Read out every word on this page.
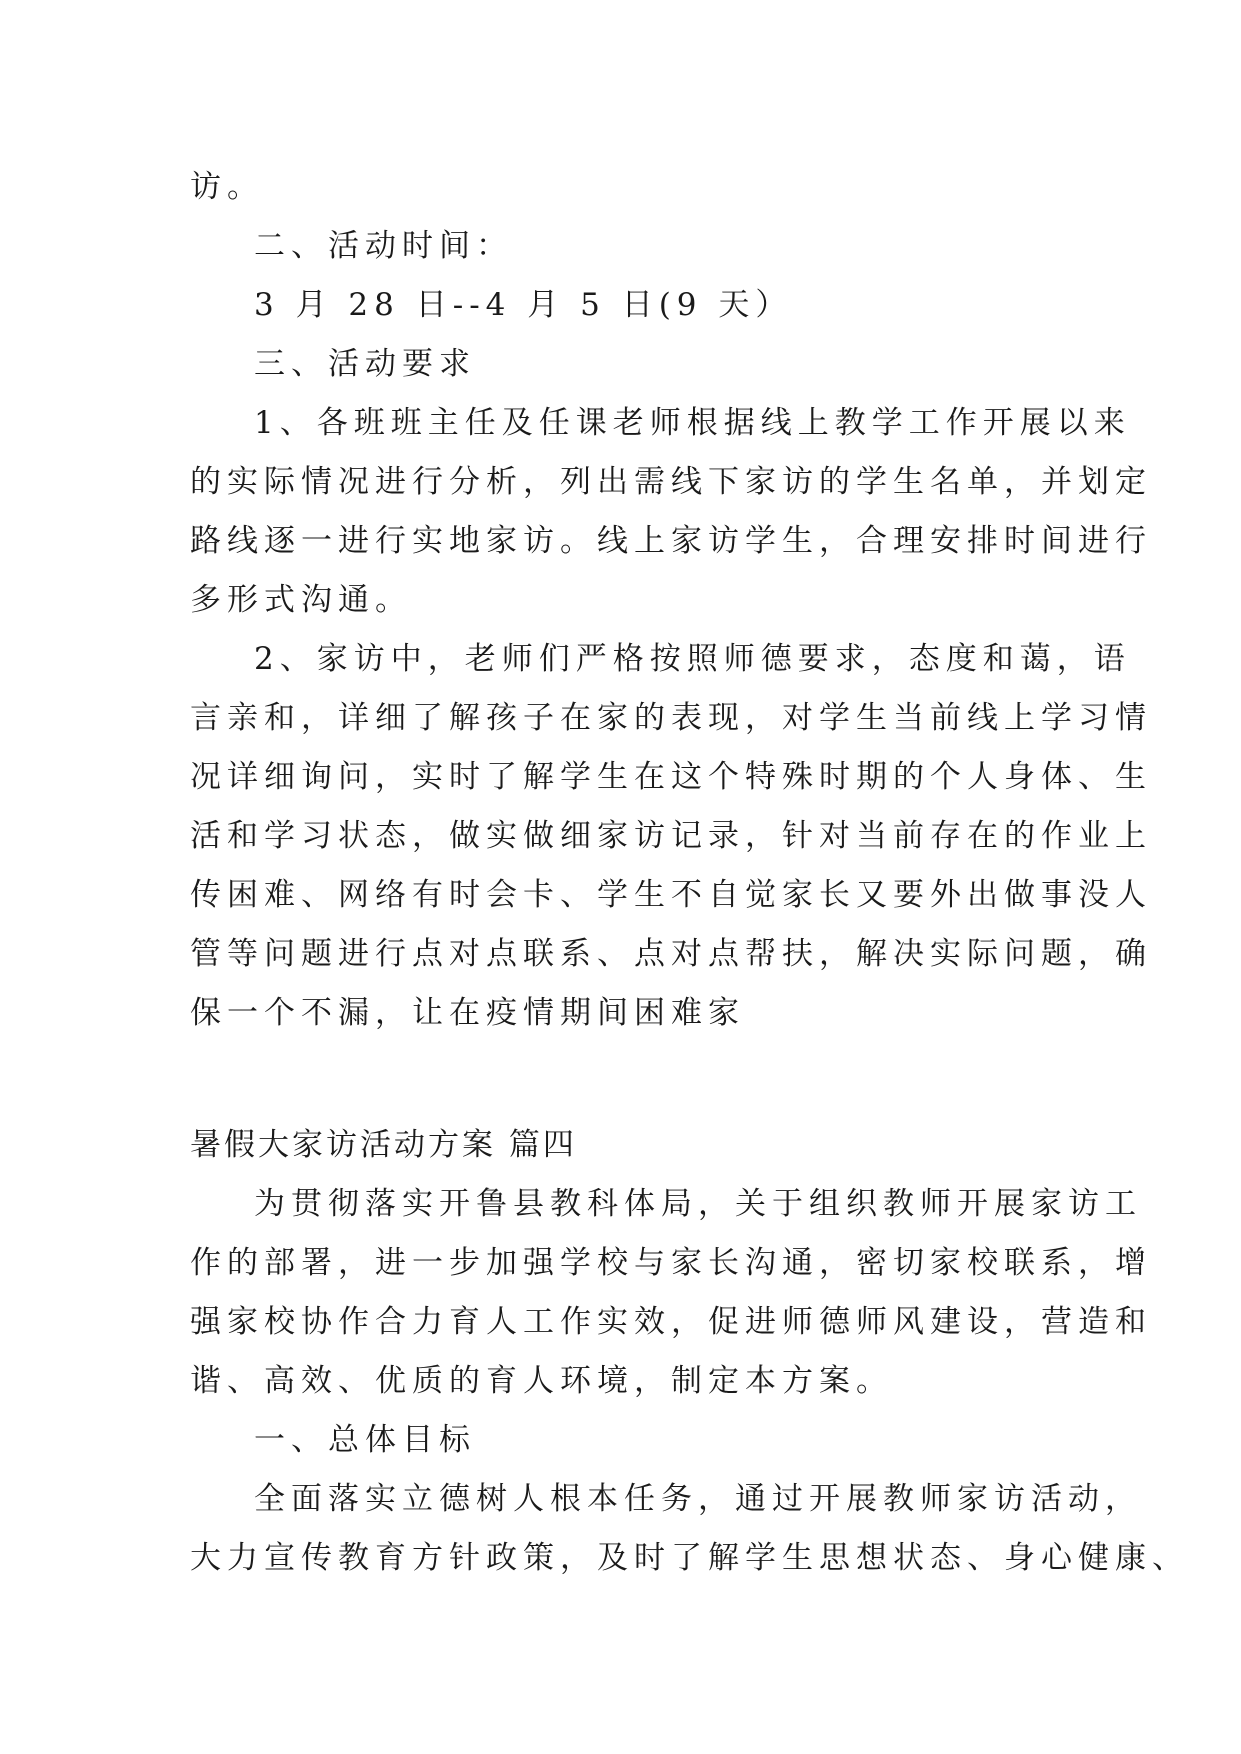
访。
二、活动时间：
3 月 28 日--4 月 5 日(9 天）
三、活动要求
1、各班班主任及任课老师根据线上教学工作开展以来
的实际情况进行分析，列出需线下家访的学生名单，并划定
路线逐一进行实地家访。线上家访学生，合理安排时间进行
多形式沟通。
2、家访中，老师们严格按照师德要求，态度和蔼，语
言亲和，详细了解孩子在家的表现，对学生当前线上学习情
况详细询问，实时了解学生在这个特殊时期的个人身体、生
活和学习状态，做实做细家访记录，针对当前存在的作业上
传困难、网络有时会卡、学生不自觉家长又要外出做事没人
管等问题进行点对点联系、点对点帮扶，解决实际问题，确
保一个不漏，让在疫情期间困难家
暑假大家访活动方案 篇四
为贯彻落实开鲁县教科体局，关于组织教师开展家访工
作的部署，进一步加强学校与家长沟通，密切家校联系，增
强家校协作合力育人工作实效，促进师德师风建设，营造和
谐、高效、优质的育人环境，制定本方案。
一、总体目标
全面落实立德树人根本任务，通过开展教师家访活动，
大力宣传教育方针政策，及时了解学生思想状态、身心健康、
